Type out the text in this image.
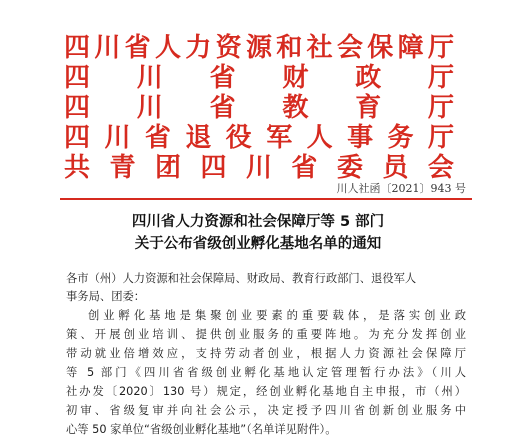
四 川 省 人 力 资 源 和 社 会 保 障 厅
四 川 省 财 政 厅
四 川 省 教 育 厅
四 川 省 退 役 军 人 事 务 厅
共 青 团 四 川 省 委 员 会
川人社函〔2021〕943 号
四川省人力资源和社会保障厅等 5 部门
关于公布省级创业孵化基地名单的通知
各市（州）人力资源和社会保障局、财政局、教育行政部门、退役军人
事务局、团委：
创业孵化基地是集聚创业要素的重要载体，是落实创业政
策、开展创业培训、提供创业服务的重要阵地。为充分发挥创业
带动就业倍增效应，支持劳动者创业，根据人力资源社会保障厅
等 5 部门《四川省省级创业孵化基地认定管理暂行办法》（川人
社办发〔2020〕130 号）规定，经创业孵化基地自主申报，市（州）
初审、省级复审并向社会公示，决定授予四川省创新创业服务中
心等 50 家单位“省级创业孵化基地”（名单详见附件）。
